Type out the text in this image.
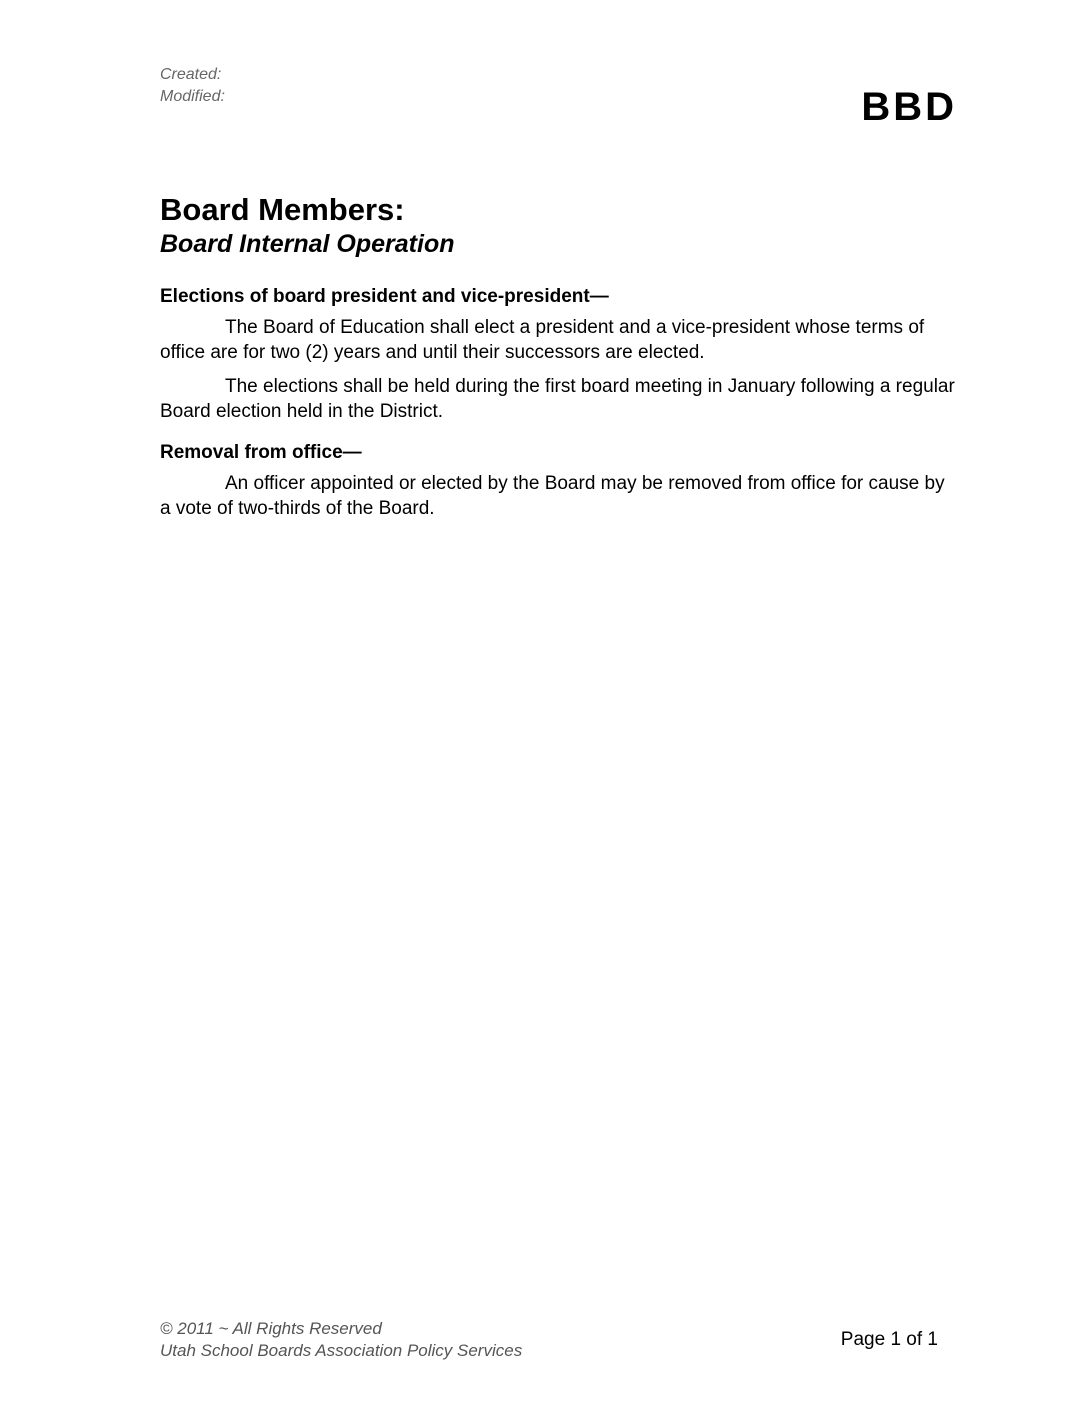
Created:
Modified:	BBD
Board Members:
Board Internal Operation
Elections of board president and vice-president—

The Board of Education shall elect a president and a vice-president whose terms of office are for two (2) years and until their successors are elected.

The elections shall be held during the first board meeting in January following a regular Board election held in the District.

Removal from office—

An officer appointed or elected by the Board may be removed from office for cause by a vote of two-thirds of the Board.

© 2011 ~ All Rights Reserved
Utah School Boards Association Policy Services
Page 1 of 1
